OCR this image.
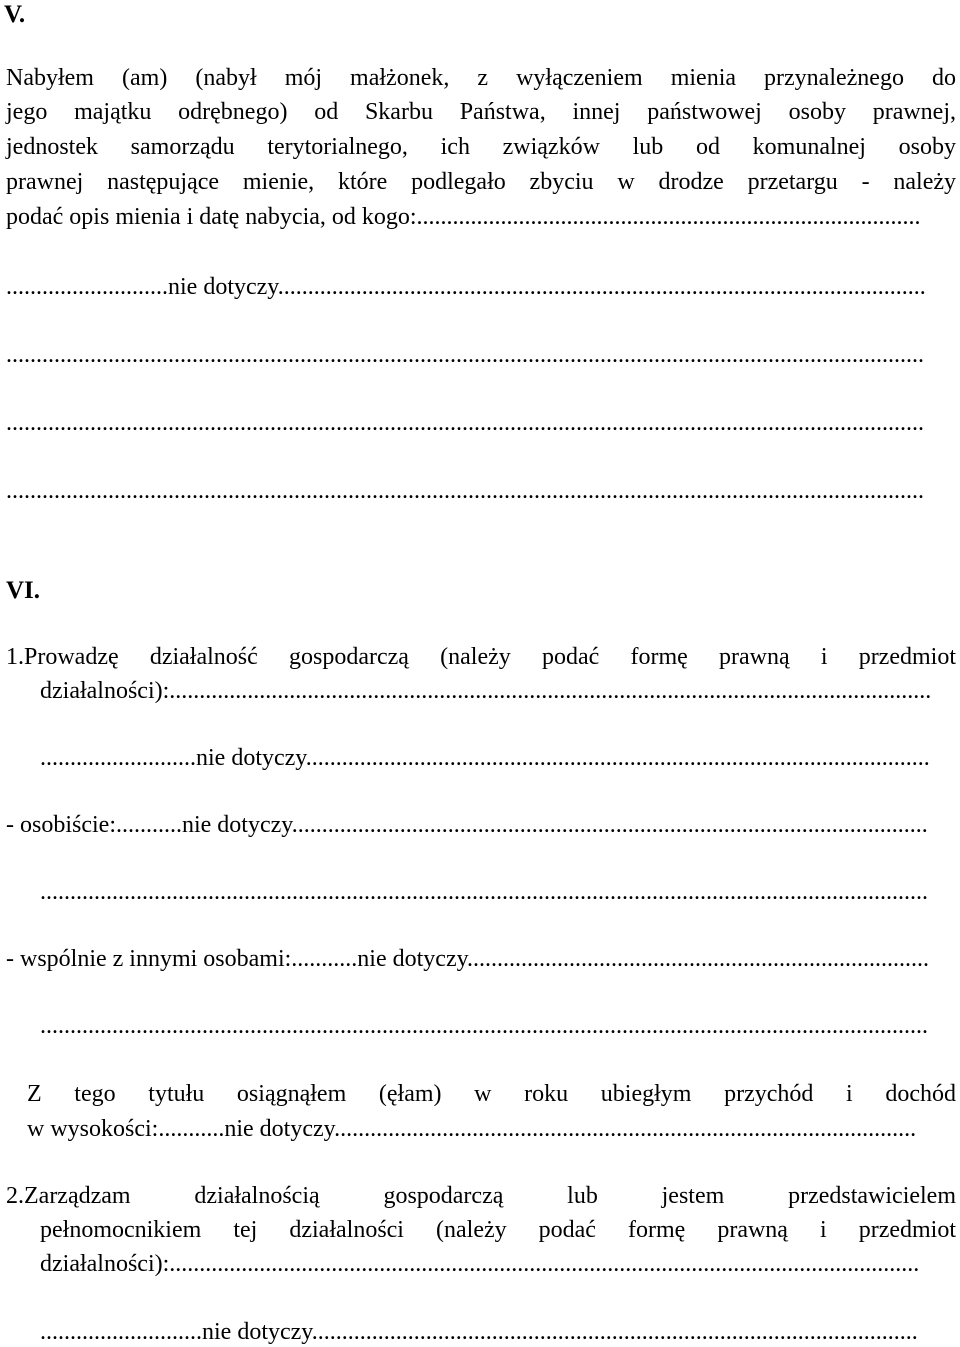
V.
Nabyłem (am) (nabył mój małżonek, z wyłączeniem mienia przynależnego do
jego majątku odrębnego) od Skarbu Państwa, innej państwowej osoby prawnej,
jednostek samorządu terytorialnego, ich związków lub od komunalnej osoby
prawnej następujące mienie, które podlegało zbyciu w drodze przetargu - należy
podać opis mienia i datę nabycia, od kogo:....................................................................................
...........................nie dotyczy............................................................................................................
.........................................................................................................................................................
.........................................................................................................................................................
.........................................................................................................................................................
VI.
1.Prowadzę działalność gospodarczą (należy podać formę prawną i przedmiot
działalności):...............................................................................................................................
..........................nie dotyczy........................................................................................................
- osobiście:...........nie dotyczy..........................................................................................................
....................................................................................................................................................
- wspólnie z innymi osobami:...........nie dotyczy.............................................................................
....................................................................................................................................................
Z tego tytułu osiągnąłem (ęłam) w roku ubiegłym przychód i dochód
w wysokości:...........nie dotyczy.................................................................................................
2.Zarządzam działalnością gospodarczą lub jestem przedstawicielem
pełnomocnikiem tej działalności (należy podać formę prawną i przedmiot
działalności):.............................................................................................................................
...........................nie dotyczy.....................................................................................................
